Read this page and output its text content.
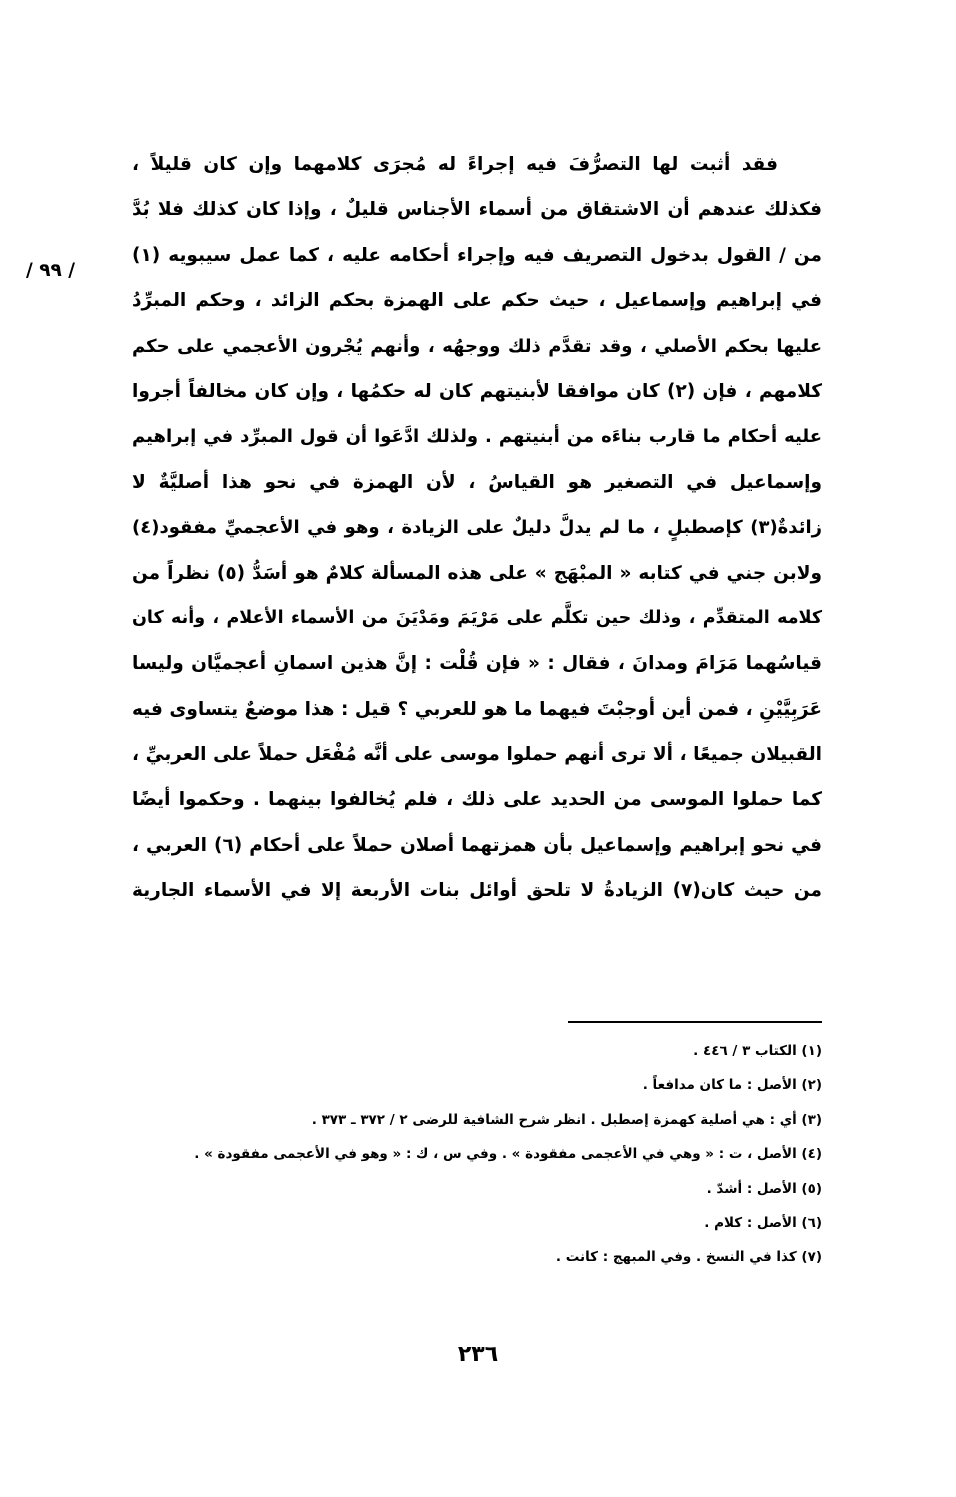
/ ٩٩ /
فقد أثبت لها التصرُّفَ فيه إجراءً له مُجرَى كلامهما وإن كان قليلاً ،
فكذلك عندهم أن الاشتقاق من أسماء الأجناس قليلٌ ، وإذا كان كذلك فلا بُدَّ
من / القول بدخول التصريف فيه وإجراء أحكامه عليه ، كما عمل سيبويه (١)
في إبراهيم وإسماعيل ، حيث حكم على الهمزة بحكم الزائد ، وحكم المبرِّدُ
عليها بحكم الأصلي ، وقد تقدَّم ذلك ووجهُه ، وأنهم يُجْرون الأعجمي على حكم
كلامهم ، فإن (٢) كان موافقا لأبنيتهم كان له حكمُها ، وإن كان مخالفاً أجروا
عليه أحكام ما قارب بناءَه من أبنيتهم . ولذلك ادَّعَوا أن قول المبرِّد في إبراهيم
وإسماعيل في التصغير هو القياسُ ، لأن الهمزة في نحو هذا أصليَّةٌ لا
زائدةٌ(٣) كإصطبلٍ ، ما لم يدلَّ دليلٌ على الزيادة ، وهو في الأعجميِّ مفقود(٤)
ولابن جني في كتابه « المبْهَج » على هذه المسألة كلامٌ هو أسَدُّ (٥) نظراً من
كلامه المتقدِّم ، وذلك حين تكلَّم على مَرْيَمَ ومَدْيَنَ من الأسماء الأعلام ، وأنه كان
قياسُهما مَرَامَ ومدانَ ، فقال : « فإن قُلْت : إنَّ هذين اسمانِ أعجميَّان وليسا
عَرَبِيَّيْنِ ، فمن أين أوجبْتَ فيهما ما هو للعربي ؟ قيل : هذا موضعٌ يتساوى فيه
القبيلان جميعًا ، ألا ترى أنهم حملوا موسى على أنَّه مُفْعَل حملاً على العربيِّ ،
كما حملوا الموسى من الحديد على ذلك ، فلم يُخالفوا بينهما . وحكموا أيضًا
في نحو إبراهيم وإسماعيل بأن همزتهما أصلان حملاً على أحكام (٦) العربي ،
من حيث كان(٧) الزيادةُ لا تلحق أوائل بنات الأربعة إلا في الأسماء الجارية
(١) الكتاب ٣ / ٤٤٦ .
(٢) الأصل : ما كان مدافعاً .
(٣) أي : هي أصلية كهمزة إصطبل . انظر شرح الشافية للرضى ٢ / ٣٧٢ ـ ٣٧٣ .
(٤) الأصل ، ت : « وهي في الأعجمى مفقودة » . وفي س ، ك : « وهو في الأعجمى مفقودة » .
(٥) الأصل : أشدّ .
(٦) الأصل : كلام .
(٧) كذا في النسخ . وفي المبهج : كانت .
٢٣٦
